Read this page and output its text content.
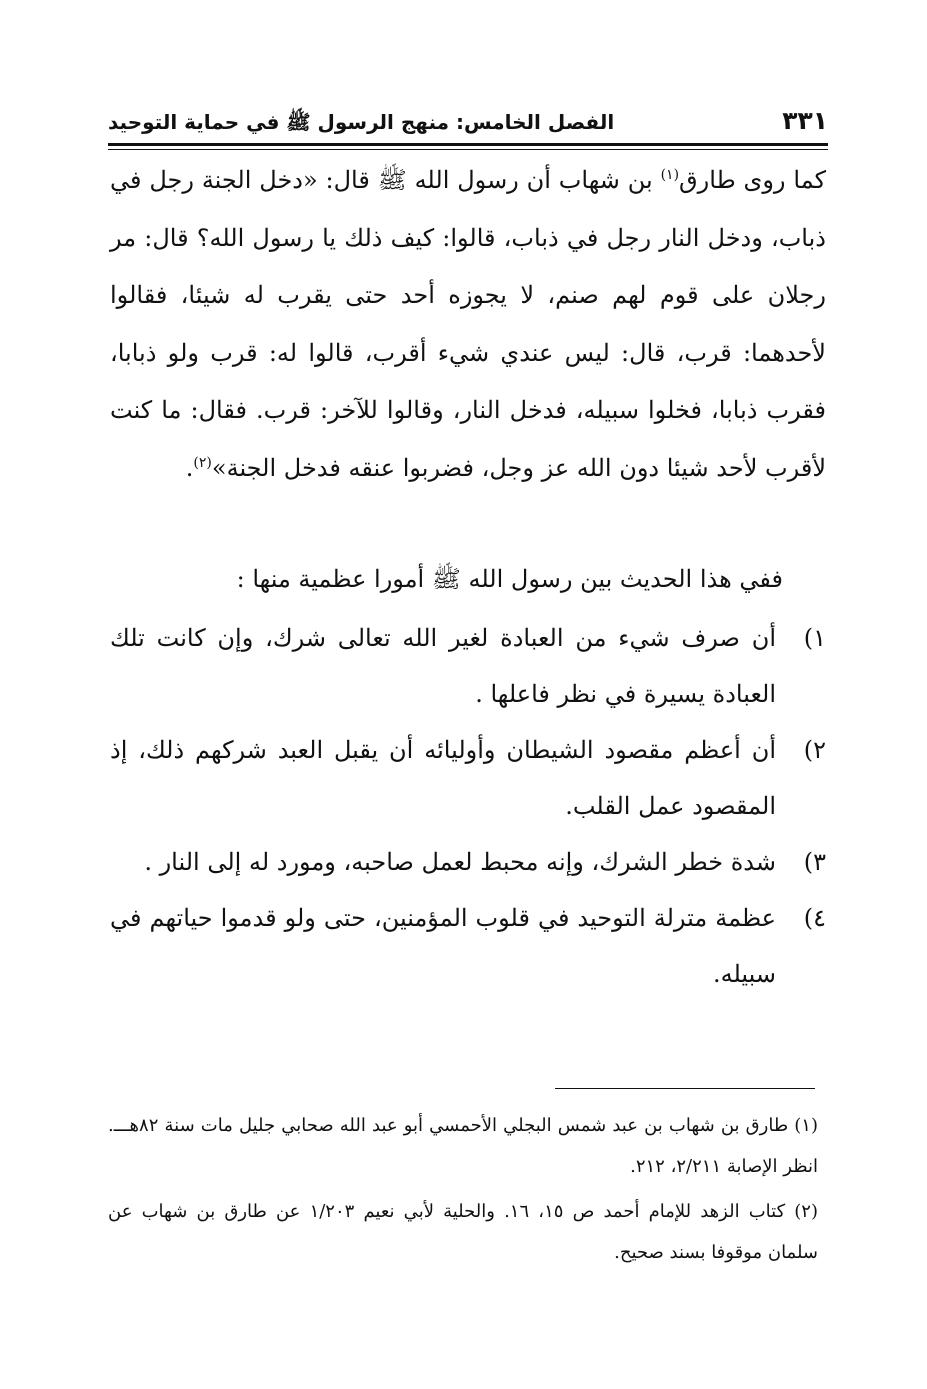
٣٣١
الفصل الخامس: منهج الرسول ﷺ في حماية التوحيد

كما روى طارق$^{(١)}$ بن شهاب أن رسول الله ﷺ قال: «دخل الجنة رجل في ذباب، ودخل النار رجل في ذباب، قالوا: كيف ذلك يا رسول الله؟ قال: مر رجلان على قوم لهم صنم، لا يجوزه أحد حتى يقرب له شيئا، فقالوا لأحدهما: قرب، قال: ليس عندي شيء أقرب، قالوا له: قرب ولو ذبابا، فقرب ذبابا، فخلوا سبيله، فدخل النار، وقالوا للآخر: قرب. فقال: ما كنت لأقرب لأحد شيئا دون الله عز وجل، فضربوا عنقه فدخل الجنة»$^{(٢)}$.

ففي هذا الحديث بين رسول الله ﷺ أمورا عظمية منها :
١)
أن صرف شيء من العبادة لغير الله تعالى شرك، وإن كانت تلك العبادة يسيرة في نظر فاعلها .
٢)
أن أعظم مقصود الشيطان وأوليائه أن يقبل العبد شركهم ذلك، إذ المقصود عمل القلب.
٣)
شدة خطر الشرك، وإنه محبط لعمل صاحبه، ومورد له إلى النار .
٤)
عظمة مترلة التوحيد في قلوب المؤمنين، حتى ولو قدموا حياتهم في سبيله.

(١) طارق بن شهاب بن عبد شمس البجلي الأحمسي أبو عبد الله صحابي جليل مات سنة ٨٢هـــ. انظر الإصابة ٢/٢١١، ٢١٢.

(٢) كتاب الزهد للإمام أحمد ص ١٥، ١٦. والحلية لأبي نعيم ١/٢٠٣ عن طارق بن شهاب عن سلمان موقوفا بسند صحيح.
